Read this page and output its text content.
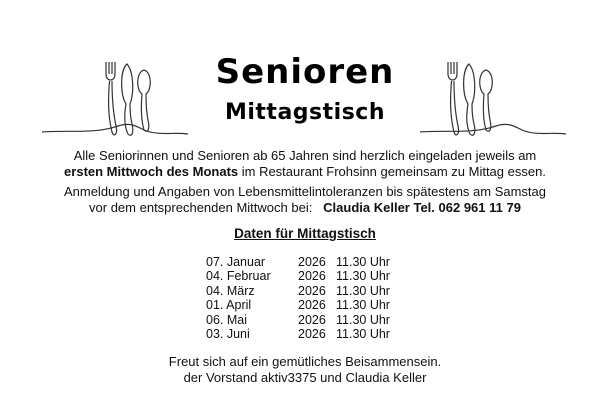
Senioren
Mittagstisch
Alle Seniorinnen und Senioren ab 65 Jahren sind herzlich eingeladen jeweils am
ersten Mittwoch des Monats im Restaurant Frohsinn gemeinsam zu Mittag essen.
Anmeldung und Angaben von Lebensmittelintoleranzen bis spätestens am Samstag
vor dem entsprechenden Mittwoch bei: Claudia Keller Tel. 062 961 11 79
Daten für Mittagstisch
07. Januar	2026 11.30 Uhr
04. Februar	2026 11.30 Uhr
04. März	2026 11.30 Uhr
01. April	2026 11.30 Uhr
06. Mai	2026 11.30 Uhr
03. Juni	2026 11.30 Uhr
Freut sich auf ein gemütliches Beisammensein.
der Vorstand aktiv3375 und Claudia Keller
